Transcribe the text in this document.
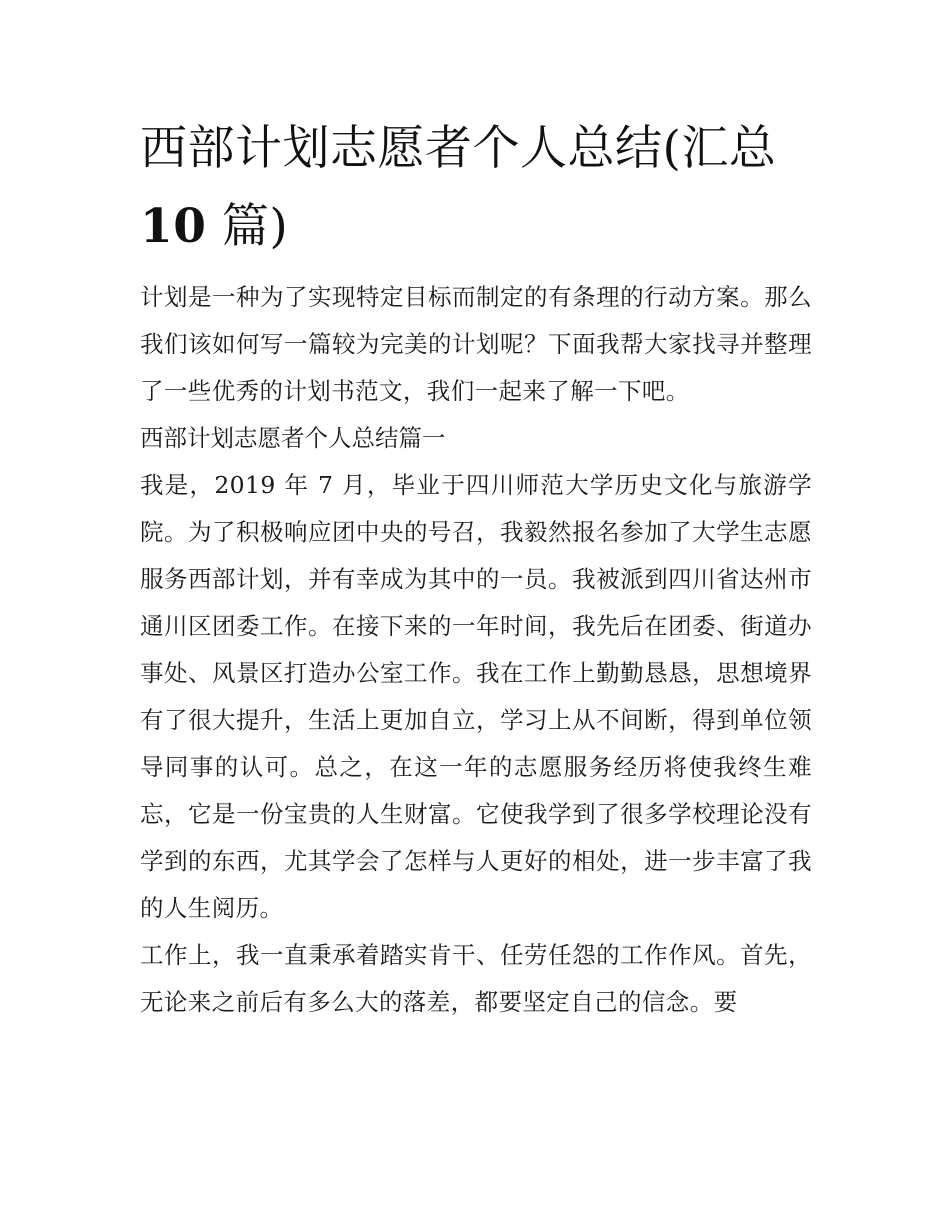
西部计划志愿者个人总结(汇总10 篇)

计划是一种为了实现特定目标而制定的有条理的行动方案。那么我们该如何写一篇较为完美的计划呢？下面我帮大家找寻并整理了一些优秀的计划书范文，我们一起来了解一下吧。

西部计划志愿者个人总结篇一

我是，2019 年 7 月，毕业于四川师范大学历史文化与旅游学院。为了积极响应团中央的号召，我毅然报名参加了大学生志愿服务西部计划，并有幸成为其中的一员。我被派到四川省达州市通川区团委工作。在接下来的一年时间，我先后在团委、街道办事处、风景区打造办公室工作。我在工作上勤勤恳恳，思想境界有了很大提升，生活上更加自立，学习上从不间断，得到单位领导同事的认可。总之，在这一年的志愿服务经历将使我终生难忘，它是一份宝贵的人生财富。它使我学到了很多学校理论没有学到的东西，尤其学会了怎样与人更好的相处，进一步丰富了我的人生阅历。

工作上，我一直秉承着踏实肯干、任劳任怨的工作作风。首先，无论来之前后有多么大的落差，都要坚定自己的信念。要
